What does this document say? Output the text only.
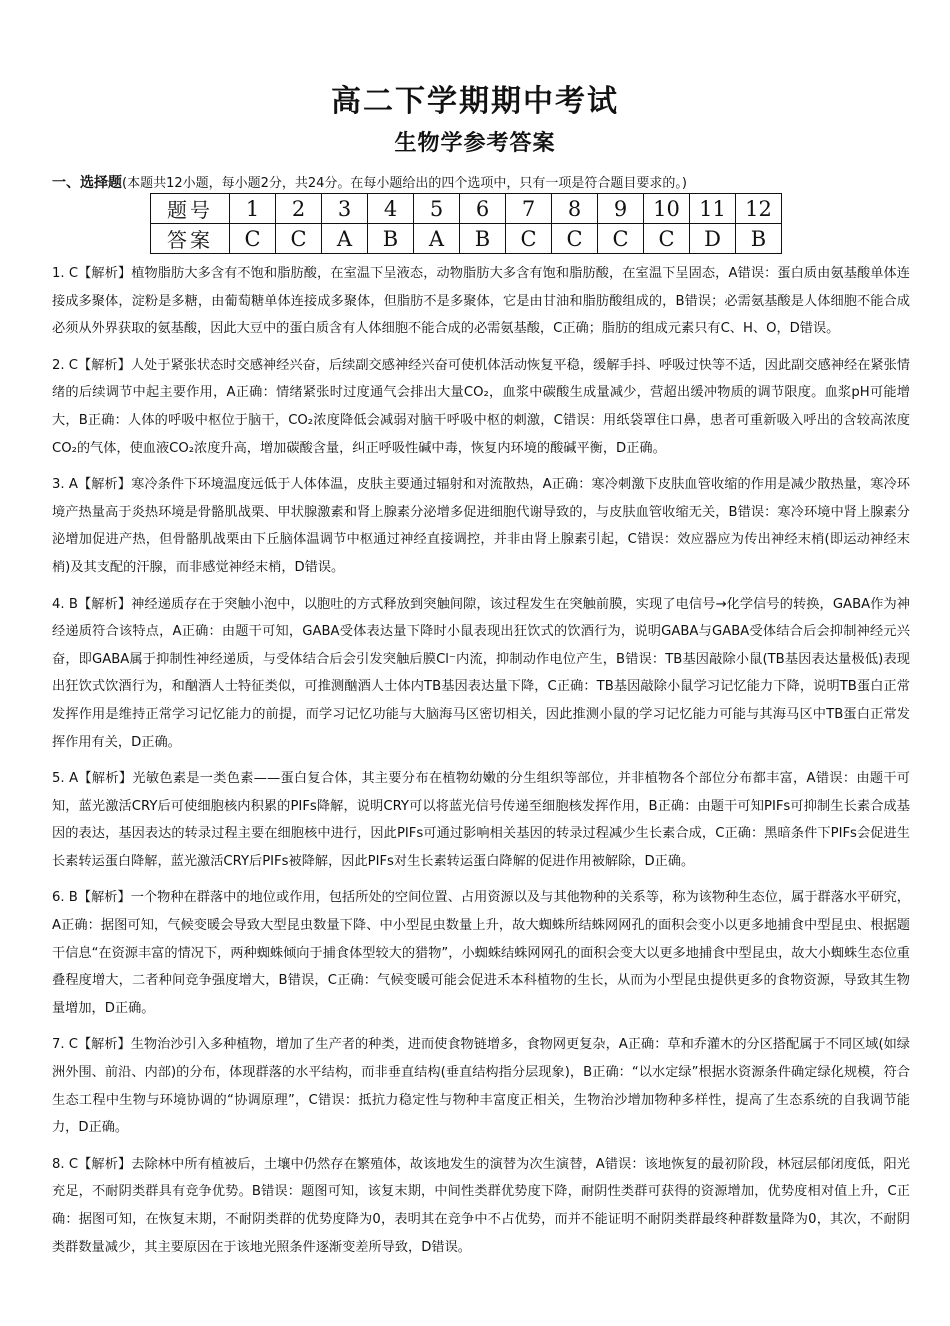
高二下学期期中考试
生物学参考答案
一、选择题(本题共12小题，每小题2分，共24分。在每小题给出的四个选项中，只有一项是符合题目要求的。)
题号	1	2	3	4	5	6	7	8	9	10	11	12
答案	C	C	A	B	A	B	C	C	C	C	D	B

1. C【解析】植物脂肪大多含有不饱和脂肪酸，在室温下呈液态，动物脂肪大多含有饱和脂肪酸，在室温下呈固态，A错误：蛋白质由氨基酸单体连接成多聚体，淀粉是多糖，由葡萄糖单体连接成多聚体，但脂肪不是多聚体，它是由甘油和脂肪酸组成的，B错误；必需氨基酸是人体细胞不能合成必须从外界获取的氨基酸，因此大豆中的蛋白质含有人体细胞不能合成的必需氨基酸，C正确；脂肪的组成元素只有C、H、O，D错误。

2. C【解析】人处于紧张状态时交感神经兴奋，后续副交感神经兴奋可使机体活动恢复平稳，缓解手抖、呼吸过快等不适，因此副交感神经在紧张情绪的后续调节中起主要作用，A正确：情绪紧张时过度通气会排出大量CO₂，血浆中碳酸生成量减少，营超出缓冲物质的调节限度。血浆pH可能增大，B正确：人体的呼吸中枢位于脑干，CO₂浓度降低会减弱对脑干呼吸中枢的刺激，C错误：用纸袋罩住口鼻，患者可重新吸入呼出的含较高浓度CO₂的气体，使血液CO₂浓度升高，增加碳酸含量，纠正呼吸性碱中毒，恢复内环境的酸碱平衡，D正确。

3. A【解析】寒冷条件下环境温度远低于人体体温，皮肤主要通过辐射和对流散热，A正确：寒冷刺激下皮肤血管收缩的作用是减少散热量，寒冷环境产热量高于炎热环境是骨骼肌战栗、甲状腺激素和肾上腺素分泌增多促进细胞代谢导致的，与皮肤血管收缩无关，B错误：寒冷环境中肾上腺素分泌增加促进产热，但骨骼肌战栗由下丘脑体温调节中枢通过神经直接调控，并非由肾上腺素引起，C错误：效应器应为传出神经末梢(即运动神经末梢)及其支配的汗腺，而非感觉神经末梢，D错误。

4. B【解析】神经递质存在于突触小泡中，以胞吐的方式释放到突触间隙，该过程发生在突触前膜，实现了电信号→化学信号的转换，GABA作为神经递质符合该特点，A正确：由题干可知，GABA受体表达量下降时小鼠表现出狂饮式的饮酒行为，说明GABA与GABA受体结合后会抑制神经元兴奋，即GABA属于抑制性神经递质，与受体结合后会引发突触后膜Cl⁻内流，抑制动作电位产生，B错误：TB基因敲除小鼠(TB基因表达量极低)表现出狂饮式饮酒行为，和酗酒人士特征类似，可推测酗酒人士体内TB基因表达量下降，C正确：TB基因敲除小鼠学习记忆能力下降，说明TB蛋白正常发挥作用是维持正常学习记忆能力的前提，而学习记忆功能与大脑海马区密切相关，因此推测小鼠的学习记忆能力可能与其海马区中TB蛋白正常发挥作用有关，D正确。

5. A【解析】光敏色素是一类色素——蛋白复合体，其主要分布在植物幼嫩的分生组织等部位，并非植物各个部位分布都丰富，A错误：由题干可知，蓝光激活CRY后可使细胞核内积累的PIFs降解，说明CRY可以将蓝光信号传递至细胞核发挥作用，B正确：由题干可知PIFs可抑制生长素合成基因的表达，基因表达的转录过程主要在细胞核中进行，因此PIFs可通过影响相关基因的转录过程减少生长素合成，C正确：黑暗条件下PIFs会促进生长素转运蛋白降解，蓝光激活CRY后PIFs被降解，因此PIFs对生长素转运蛋白降解的促进作用被解除，D正确。

6. B【解析】一个物种在群落中的地位或作用，包括所处的空间位置、占用资源以及与其他物种的关系等，称为该物种生态位，属于群落水平研究，A正确：据图可知，气候变暖会导致大型昆虫数量下降、中小型昆虫数量上升，故大蜘蛛所结蛛网网孔的面积会变小以更多地捕食中型昆虫、根据题干信息“在资源丰富的情况下，两种蜘蛛倾向于捕食体型较大的猎物”，小蜘蛛结蛛网网孔的面积会变大以更多地捕食中型昆虫，故大小蜘蛛生态位重叠程度增大，二者种间竞争强度增大，B错误，C正确：气候变暖可能会促进禾本科植物的生长，从而为小型昆虫提供更多的食物资源，导致其生物量增加，D正确。

7. C【解析】生物治沙引入多种植物，增加了生产者的种类，进而使食物链增多，食物网更复杂，A正确：草和乔灌木的分区搭配属于不同区域(如绿洲外围、前沿、内部)的分布，体现群落的水平结构，而非垂直结构(垂直结构指分层现象)，B正确：“以水定绿”根据水资源条件确定绿化规模，符合生态工程中生物与环境协调的“协调原理”，C错误：抵抗力稳定性与物种丰富度正相关，生物治沙增加物种多样性，提高了生态系统的自我调节能力，D正确。

8. C【解析】去除林中所有植被后，土壤中仍然存在繁殖体，故该地发生的演替为次生演替，A错误：该地恢复的最初阶段，林冠层郁闭度低，阳光充足，不耐阴类群具有竞争优势。B错误：题图可知，该复末期，中间性类群优势度下降，耐阴性类群可获得的资源增加，优势度相对值上升，C正确：据图可知，在恢复末期，不耐阴类群的优势度降为0，表明其在竞争中不占优势，而并不能证明不耐阴类群最终种群数量降为0，其次，不耐阴类群数量减少，其主要原因在于该地光照条件逐渐变差所导致，D错误。
